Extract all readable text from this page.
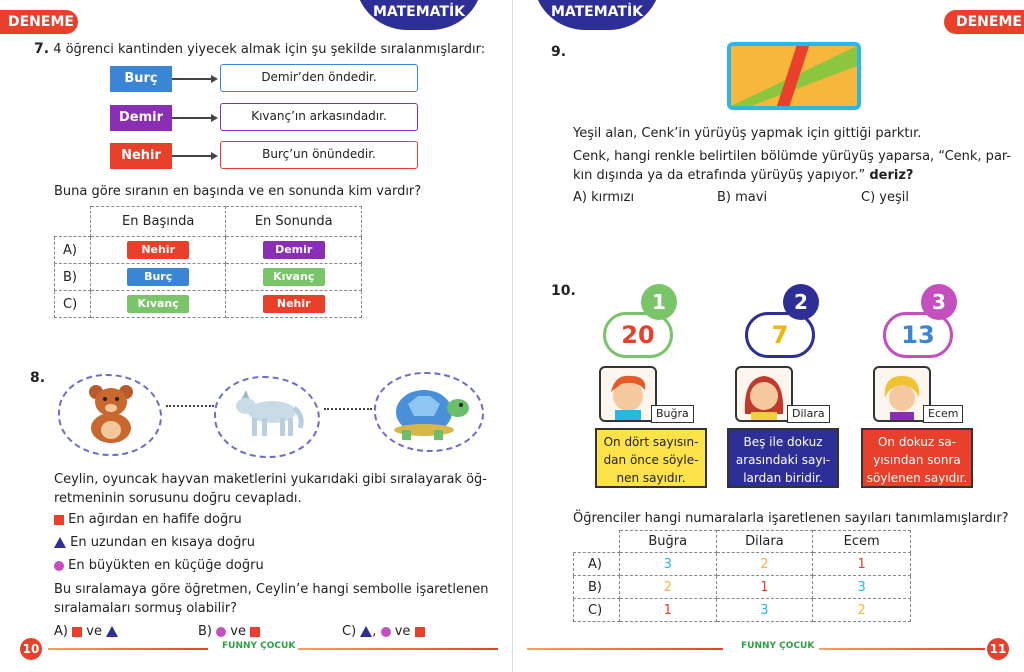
DENEME 1
MATEMATİK
7. 4 öğrenci kantinden yiyecek almak için şu şekilde sıralanmışlardır:
Burç	Demir’den öndedir.
Demir	Kıvanç’ın arkasındadır.
Nehir	Burç’un önündedir.
Buna göre sıranın en başında ve en sonunda kim vardır?
	En Başında	En Sonunda
A)	Nehir	Demir
B)	Burç	Kıvanç
C)	Kıvanç	Nehir
8.
Ceylin, oyuncak hayvan maketlerini yukarıdaki gibi sıralayarak öğ-
retmeninin sorusunu doğru cevapladı.
En ağırdan en hafife doğru
En uzundan en kısaya doğru
En büyükten en küçüğe doğru
Bu sıralamaya göre öğretmen, Ceylin’e hangi sembolle işaretlenen
sıralamaları sormuş olabilir?
A) ve	B) ve	C) , ve
10	FUNNY ÇOCUK
MATEMATİK
DENEME 1
9.
Yeşil alan, Cenk’in yürüyüş yapmak için gittiği parktır.
Cenk, hangi renkle belirtilen bölümde yürüyüş yaparsa, “Cenk, par-
kın dışında ya da etrafında yürüyüş yapıyor.” deriz?
A) kırmızı	B) mavi	C) yeşil
10.
20
1
Buğra
On dört sayısın-
dan önce söyle-
nen sayıdır.
7
2
Dilara
Beş ile dokuz
arasındaki sayı-
lardan biridir.
13
3
Ecem
On dokuz sa-
yısından sonra
söylenen sayıdır.
Öğrenciler hangi numaralarla işaretlenen sayıları tanımlamışlardır?
	Buğra	Dilara	Ecem
A)	3	2	1
B)	2	1	3
C)	1	3	2
FUNNY ÇOCUK	11
